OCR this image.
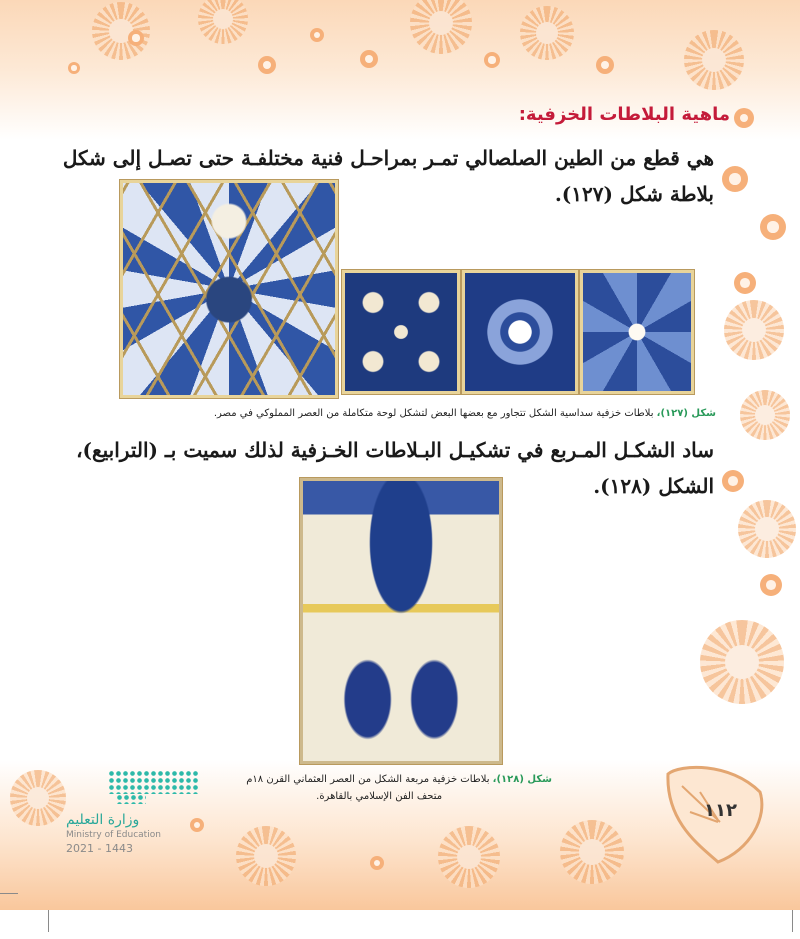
ماهية البلاطات الخزفية:
هي قطع من الطين الصلصالي تمـر بمراحـل فنية مختلفـة حتى تصـل إلى شكل بلاطة شكل (١٢٧).
شكل (١٢٧)، بلاطات خزفية سداسية الشكل تتجاور مع بعضها البعض لتشكل لوحة متكاملة من العصر المملوكي في مصر.
ساد الشكـل المـربع في تشكيـل البـلاطات الخـزفية لذلك سميت بـ (الترابيع)، الشكل (١٢٨).
شكل (١٢٨)، بلاطات خزفية مربعة الشكل من العصر العثماني القرن ١٨م
متحف الفن الإسلامي بالقاهرة.
١١٢
وزارة التعليم
Ministry of Education
2021 - 1443
